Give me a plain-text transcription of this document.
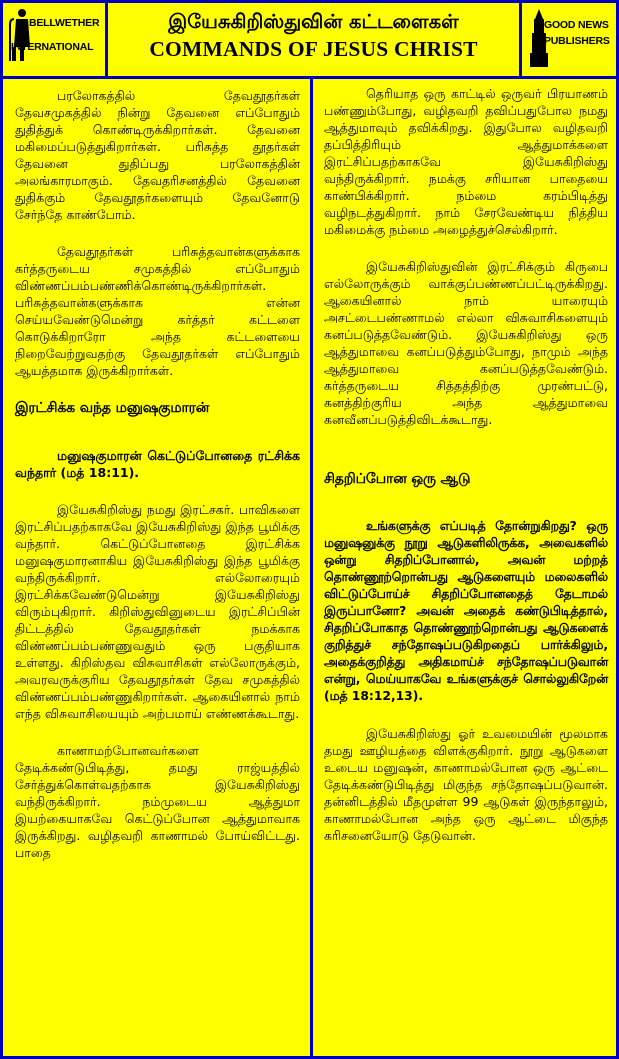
BELLWETHER
INTERNATIONAL
இயேசுகிறிஸ்துவின் கட்டளைகள்
COMMANDS OF JESUS CHRIST
GOOD NEWS
PUBLISHERS

பரலோகத்தில் தேவதூதர்கள் தேவசமுகத்தில் நின்று தேவனை எப்போதும் துதித்துக் கொண்டிருக்கிறார்கள். தேவனை மகிமைப்படுத்துகிறார்கள். பரிசுத்த தூதர்கள் தேவனை துதிப்பது பரலோகத்தின் அலங்காரமாகும். தேவதரிசனத்தில் தேவனை துதிக்கும் தேவதூதர்களையும் தேவனோடு சேர்ந்தே காண்போம்.

தேவதூதர்கள் பரிசுத்தவான்களுக்காக கர்த்தருடைய சமுகத்தில் எப்போதும் விண்ணப்பம்பண்ணிக்கொண்டிருக்கிறார்கள். பரிசுத்தவான்களுக்காக என்ன செய்யவேண்டுமென்று கர்த்தர் கட்டளை கொடுக்கிறாரோ அந்த கட்டளையை நிறைவேற்றுவதற்கு தேவதூதர்கள் எப்போதும் ஆயத்தமாக இருக்கிறார்கள்.

இரட்சிக்க வந்த மனுஷகுமாரன்

மனுஷகுமாரன் கெட்டுப்போனதை ரட்சிக்க வந்தார் (மத் 18:11).

இயேசுகிறிஸ்து நமது இரட்சகர். பாவிகளை இரட்சிப்பதற்காகவே இயேசுகிறிஸ்து இந்த பூமிக்கு வந்தார். கெட்டுப்போனதை இரட்சிக்க மனுஷகுமாரனாகிய இயேசுகிறிஸ்து இந்த பூமிக்கு வந்திருக்கிறார். எல்லோரையும் இரட்சிக்கவேண்டுமென்று இயேசுகிறிஸ்து விரும்புகிறார். கிறிஸ்துவினுடைய இரட்சிப்பின் திட்டத்தில் தேவதூதர்கள் நமக்காக விண்ணப்பம்பண்ணுவதும் ஒரு பகுதியாக உள்ளது. கிறிஸ்தவ விசுவாசிகள் எல்லோருக்கும், அவரவருக்குரிய தேவதூதர்கள் தேவ சமுகத்தில் விண்ணப்பம்பண்ணுகிறார்கள். ஆகையினால் நாம் எந்த விசுவாசியையும் அற்பமாய் எண்ணக்கூடாது.

காணாமற்போனவர்களை தேடிக்கண்டுபிடித்து, தமது ராஜ்யத்தில் சேர்த்துக்கொள்வதற்காக இயேசுகிறிஸ்து வந்திருக்கிறார். நம்முடைய ஆத்துமா இயற்கையாகவே கெட்டுப்போன ஆத்துமாவாக இருக்கிறது. வழிதவறி காணாமல் போய்விட்டது. பாதை

தெரியாத ஒரு காட்டில் ஒருவர் பிரயாணம் பண்ணும்போது, வழிதவறி தவிப்பதுபோல நமது ஆத்துமாவும் தவிக்கிறது. இதுபோல வழிதவறி தப்பித்திரியும் ஆத்துமாக்களை இரட்சிப்பதற்காகவே இயேசுகிறிஸ்து வந்திருக்கிறார். நமக்கு சரியான பாதையை காண்பிக்கிறார். நம்மை கரம்பிடித்து வழிநடத்துகிறார். நாம் சேரவேண்டிய நித்திய மகிமைக்கு நம்மை அழைத்துச்செல்கிறார்.

இயேசுகிறிஸ்துவின் இரட்சிக்கும் கிருபை எல்லோருக்கும் வாக்குப்பண்ணப்பட்டிருக்கிறது. ஆகையினால் நாம் யாரையும் அசட்டைபண்ணாமல் எல்லா விசுவாசிகளையும் கனப்படுத்தவேண்டும். இயேசுகிறிஸ்து ஒரு ஆத்துமாவை கனப்படுத்தும்போது, நாமும் அந்த ஆத்துமாவை கனப்படுத்தவேண்டும். கர்த்தருடைய சித்தத்திற்கு முரண்பட்டு, கனத்திற்குரிய அந்த ஆத்துமாவை கனவீனப்படுத்திவிடக்கூடாது.

சிதறிப்போன ஒரு ஆடு

உங்களுக்கு எப்படித் தோன்றுகிறது? ஒரு மனுஷனுக்கு நூறு ஆடுகளிலிருக்க, அவைகளில் ஒன்று சிதறிப்போனால், அவன் மற்றத் தொண்ணூற்றொன்பது ஆடுகளையும் மலைகளில் விட்டுப்போய்ச் சிதறிப்போனதைத் தேடாமல் இருப்பானோ? அவன் அதைக் கண்டுபிடித்தால், சிதறிப்போகாத தொண்ணூற்றொன்பது ஆடுகளைக் குறித்துச் சந்தோஷப்படுகிறதைப் பார்க்கிலும், அதைக்குறித்து அதிகமாய்ச் சந்தோஷப்படுவான் என்று, மெய்யாகவே உங்களுக்குச் சொல்லுகிறேன் (மத் 18:12,13).

இயேசுகிறிஸ்து ஓர் உவமையின் மூலமாக தமது ஊழியத்தை விளக்குகிறார். நூறு ஆடுகளை உடைய மனுஷன், காணாமல்போன ஒரு ஆட்டை தேடிக்கண்டுபிடித்து மிகுந்த சந்தோஷப்படுவான். தன்னிடத்தில் மீதமுள்ள 99 ஆடுகள் இருந்தாலும், காணாமல்போன அந்த ஒரு ஆட்டை மிகுந்த கரிசனையோடு தேடுவான்.
